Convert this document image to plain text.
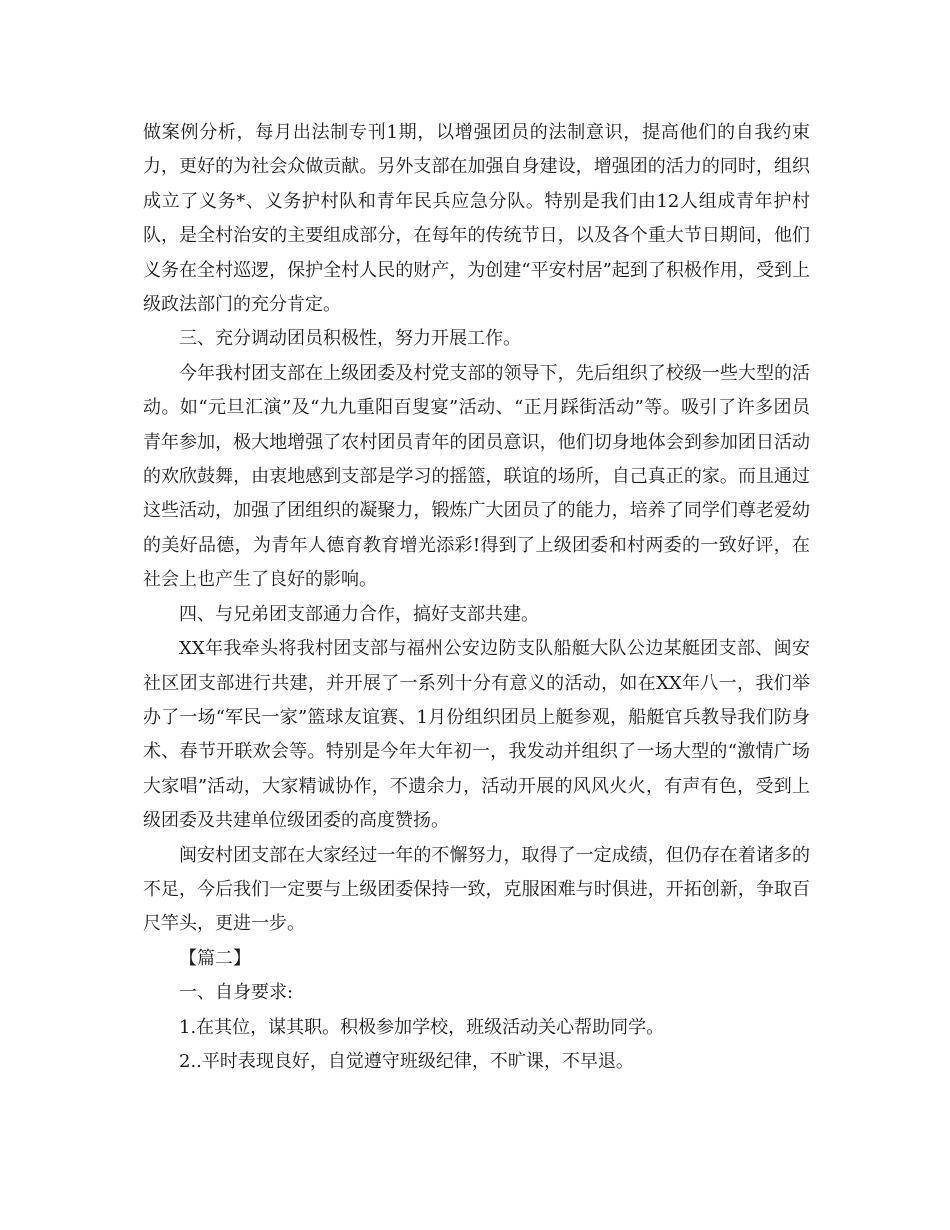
做案例分析，每月出法制专刊1期，以增强团员的法制意识，提高他们的自我约束力，更好的为社会众做贡献。另外支部在加强自身建设，增强团的活力的同时，组织成立了义务*、义务护村队和青年民兵应急分队。特别是我们由12人组成青年护村队，是全村治安的主要组成部分，在每年的传统节日，以及各个重大节日期间，他们义务在全村巡逻，保护全村人民的财产，为创建“平安村居”起到了积极作用，受到上级政法部门的充分肯定。

三、充分调动团员积极性，努力开展工作。

今年我村团支部在上级团委及村党支部的领导下，先后组织了校级一些大型的活动。如“元旦汇演”及“九九重阳百叟宴”活动、“正月踩街活动”等。吸引了许多团员青年参加，极大地增强了农村团员青年的团员意识，他们切身地体会到参加团日活动的欢欣鼓舞，由衷地感到支部是学习的摇篮，联谊的场所，自己真正的家。而且通过这些活动，加强了团组织的凝聚力，锻炼广大团员了的能力，培养了同学们尊老爱幼的美好品德，为青年人德育教育增光添彩!得到了上级团委和村两委的一致好评，在社会上也产生了良好的影响。

四、与兄弟团支部通力合作，搞好支部共建。

XX年我牵头将我村团支部与福州公安边防支队船艇大队公边某艇团支部、闽安社区团支部进行共建，并开展了一系列十分有意义的活动，如在XX年八一，我们举办了一场“军民一家”篮球友谊赛、1月份组织团员上艇参观，船艇官兵教导我们防身术、春节开联欢会等。特别是今年大年初一，我发动并组织了一场大型的“激情广场大家唱”活动，大家精诚协作，不遗余力，活动开展的风风火火，有声有色，受到上级团委及共建单位级团委的高度赞扬。

闽安村团支部在大家经过一年的不懈努力，取得了一定成绩，但仍存在着诸多的不足，今后我们一定要与上级团委保持一致，克服困难与时俱进，开拓创新，争取百尺竿头，更进一步。

【篇二】

一、自身要求:

1.在其位，谋其职。积极参加学校，班级活动关心帮助同学。

2..平时表现良好，自觉遵守班级纪律，不旷课，不早退。
